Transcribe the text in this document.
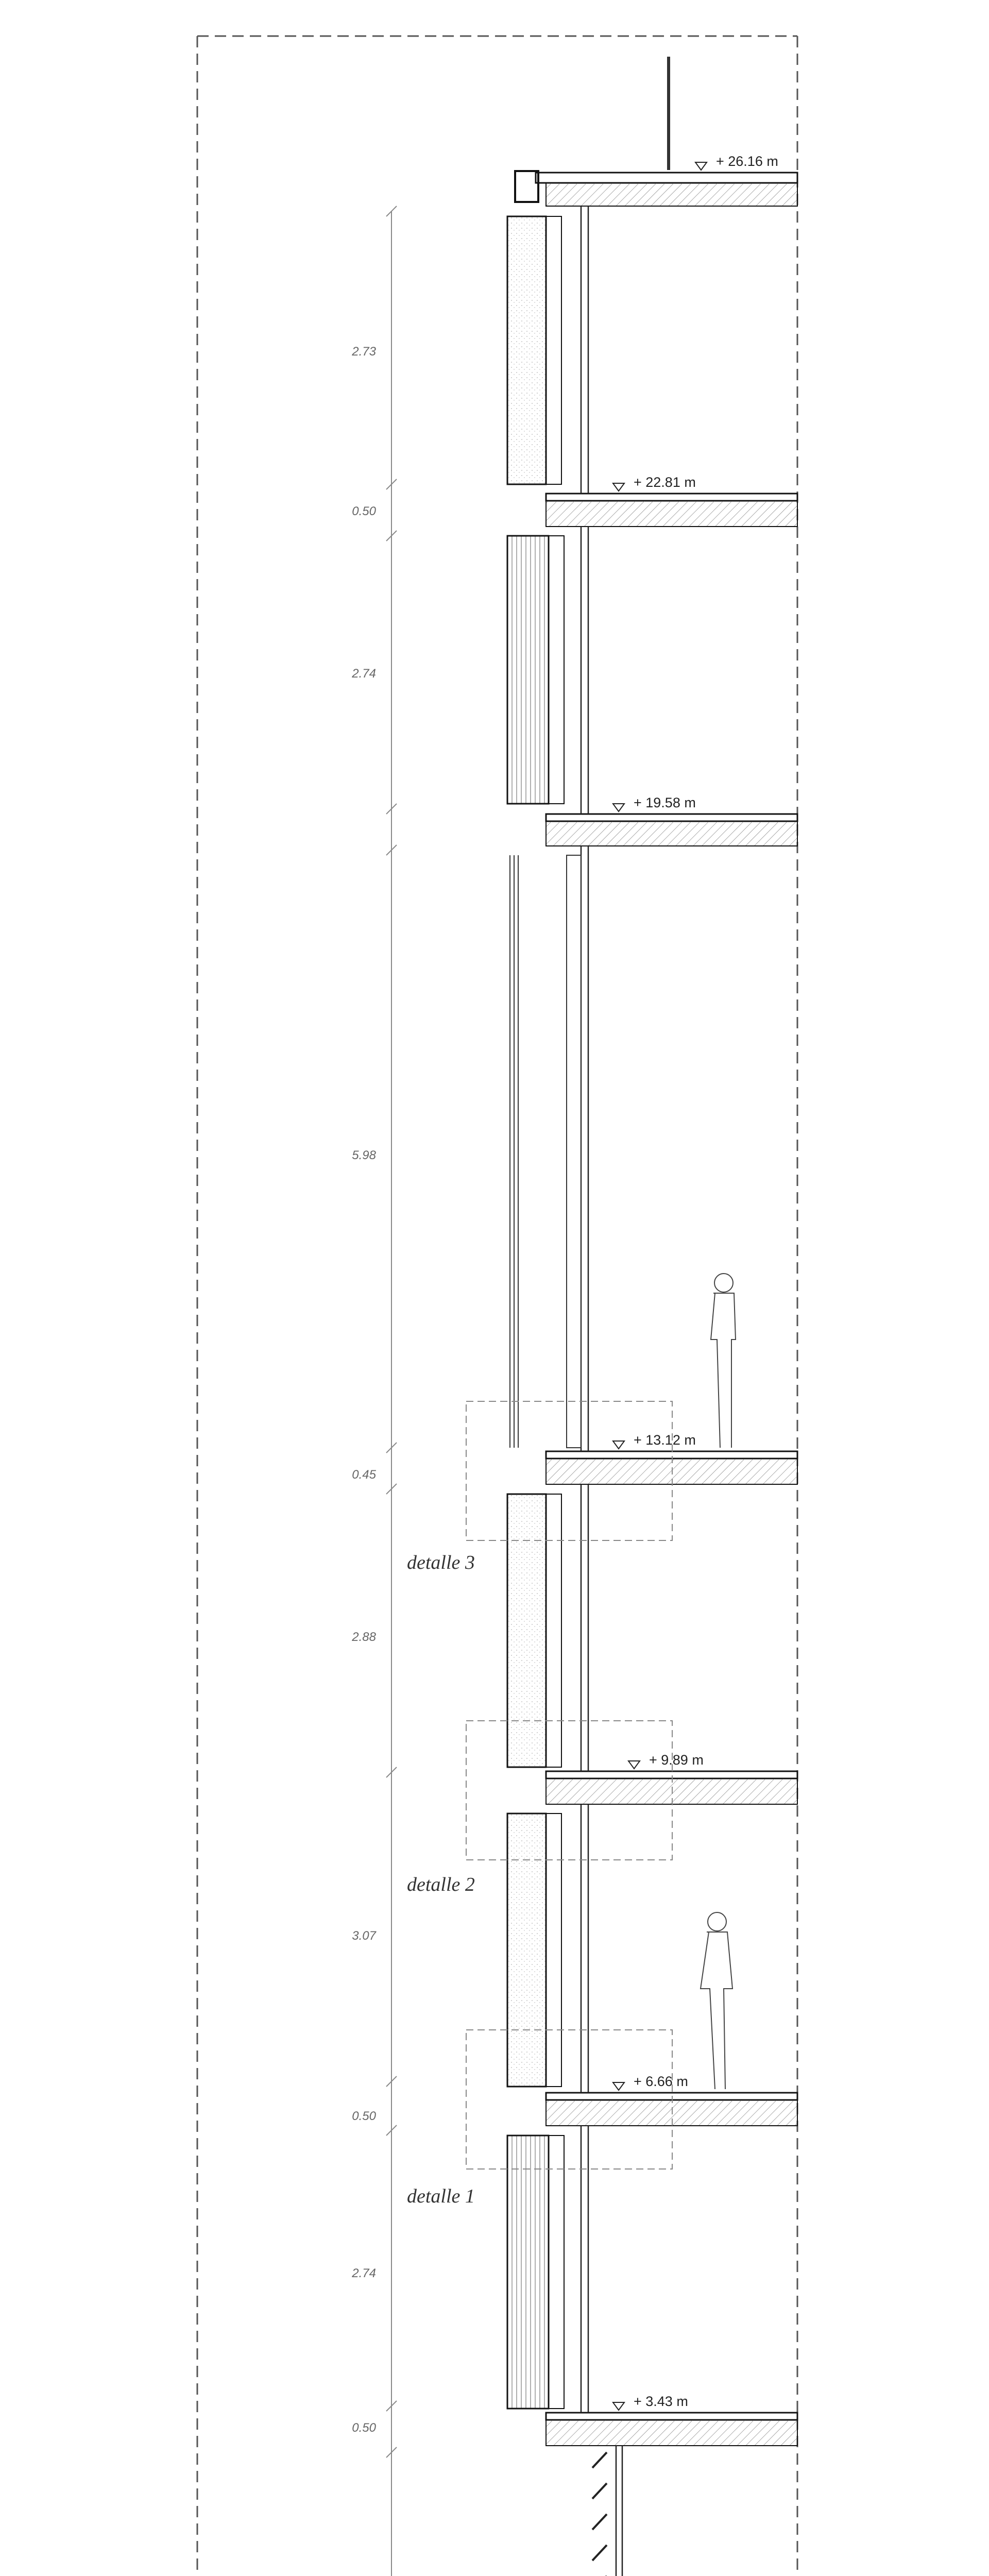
2.73
0.50
2.74
5.98
0.45
2.88
3.07
0.50
2.74
0.50
+ 26.16 m
+ 22.81 m
+ 19.58 m
+ 13.12 m
+ 9.89 m
+ 6.66 m
+ 3.43 m
detalle 3
detalle 2
detalle 1
